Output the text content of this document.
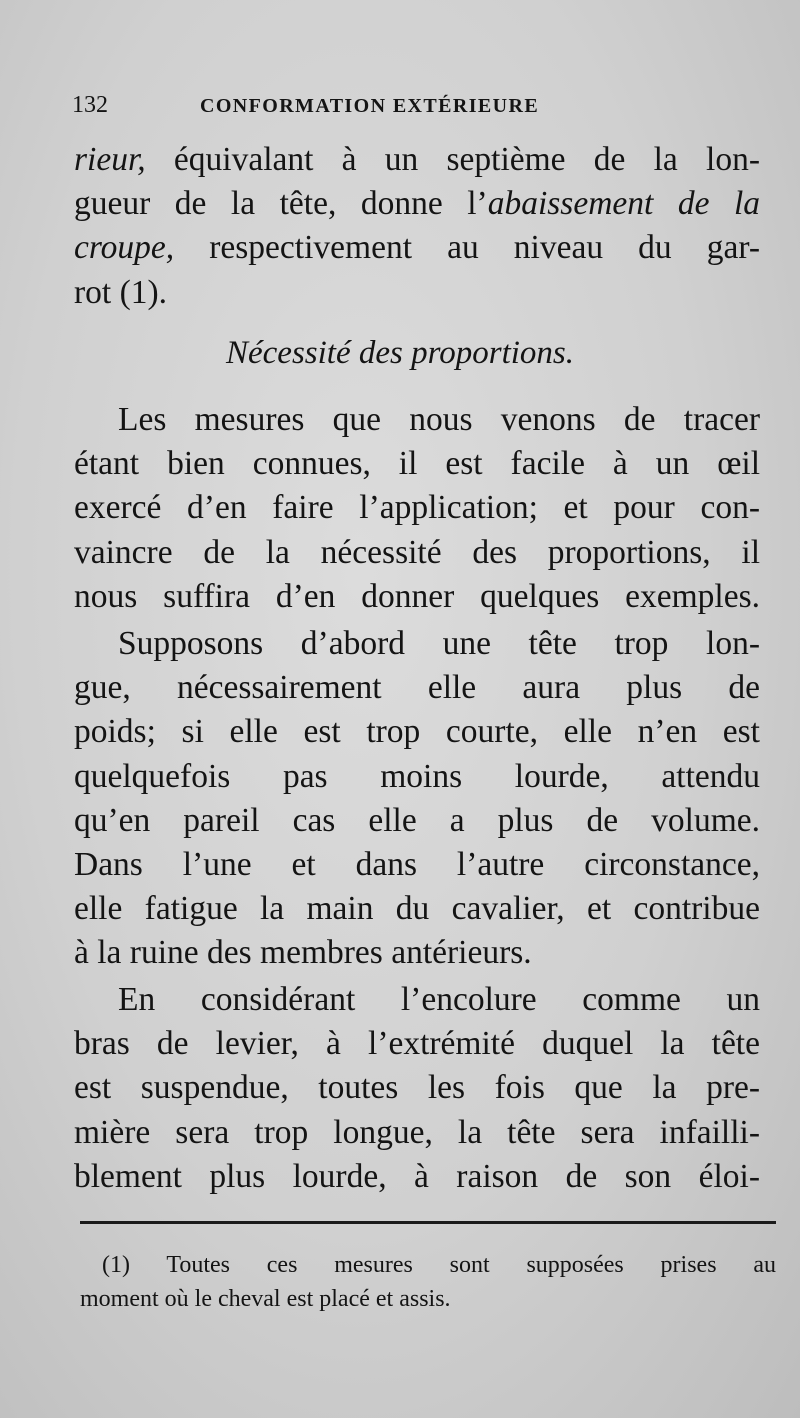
132	CONFORMATION EXTÉRIEURE
rieur, équivalant à un septième de la lon-
gueur de la tête, donne l’abaissement de la
croupe, respectivement au niveau du gar-
rot (1).
Nécessité des proportions.
Les mesures que nous venons de tracer
étant bien connues, il est facile à un œil
exercé d’en faire l’application; et pour con-
vaincre de la nécessité des proportions, il
nous suffira d’en donner quelques exemples.
Supposons d’abord une tête trop lon-
gue, nécessairement elle aura plus de
poids; si elle est trop courte, elle n’en est
quelquefois pas moins lourde, attendu
qu’en pareil cas elle a plus de volume.
Dans l’une et dans l’autre circonstance,
elle fatigue la main du cavalier, et contribue
à la ruine des membres antérieurs.
En considérant l’encolure comme un
bras de levier, à l’extrémité duquel la tête
est suspendue, toutes les fois que la pre-
mière sera trop longue, la tête sera infailli-
blement plus lourde, à raison de son éloi-
(1) Toutes ces mesures sont supposées prises au
moment où le cheval est placé et assis.
